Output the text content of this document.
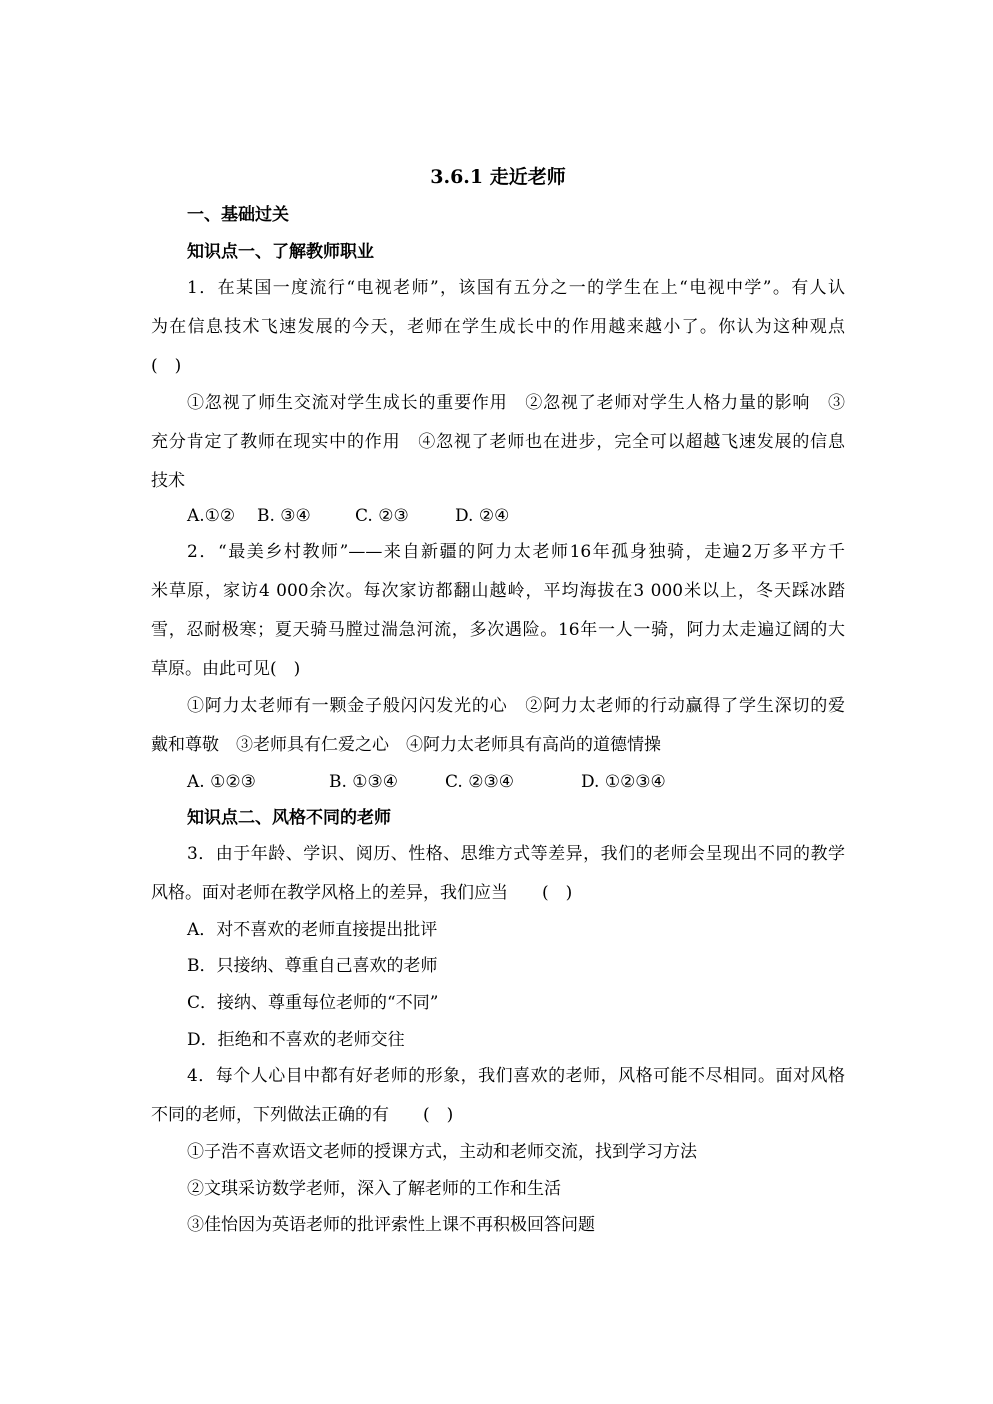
3.6.1 走近老师
一、基础过关
知识点一、了解教师职业
1．在某国一度流行“电视老师”，该国有五分之一的学生在上“电视中学”。有人认
为在信息技术飞速发展的今天，老师在学生成长中的作用越来越小了。你认为这种观点
(　)
①忽视了师生交流对学生成长的重要作用　②忽视了老师对学生人格力量的影响　③
充分肯定了教师在现实中的作用　④忽视了老师也在进步，完全可以超越飞速发展的信息
技术
A.①② B. ③④	C. ②③	D. ②④
2．“最美乡村教师”——来自新疆的阿力太老师16年孤身独骑，走遍2万多平方千
米草原，家访4 000余次。每次家访都翻山越岭，平均海拔在3 000米以上，冬天踩冰踏
雪，忍耐极寒；夏天骑马膛过湍急河流，多次遇险。16年一人一骑，阿力太走遍辽阔的大
草原。由此可见(　)
①阿力太老师有一颗金子般闪闪发光的心　②阿力太老师的行动赢得了学生深切的爱
戴和尊敬　③老师具有仁爱之心　④阿力太老师具有高尚的道德情操
A. ①②③	B. ①③④	C. ②③④	D. ①②③④
知识点二、风格不同的老师
3．由于年龄、学识、阅历、性格、思维方式等差异，我们的老师会呈现出不同的教学
风格。面对老师在教学风格上的差异，我们应当　　(　)
A．对不喜欢的老师直接提出批评
B．只接纳、尊重自己喜欢的老师
C．接纳、尊重每位老师的“不同”
D．拒绝和不喜欢的老师交往
4．每个人心目中都有好老师的形象，我们喜欢的老师，风格可能不尽相同。面对风格
不同的老师，下列做法正确的有　　(　)
①子浩不喜欢语文老师的授课方式，主动和老师交流，找到学习方法
②文琪采访数学老师，深入了解老师的工作和生活
③佳怡因为英语老师的批评索性上课不再积极回答问题
